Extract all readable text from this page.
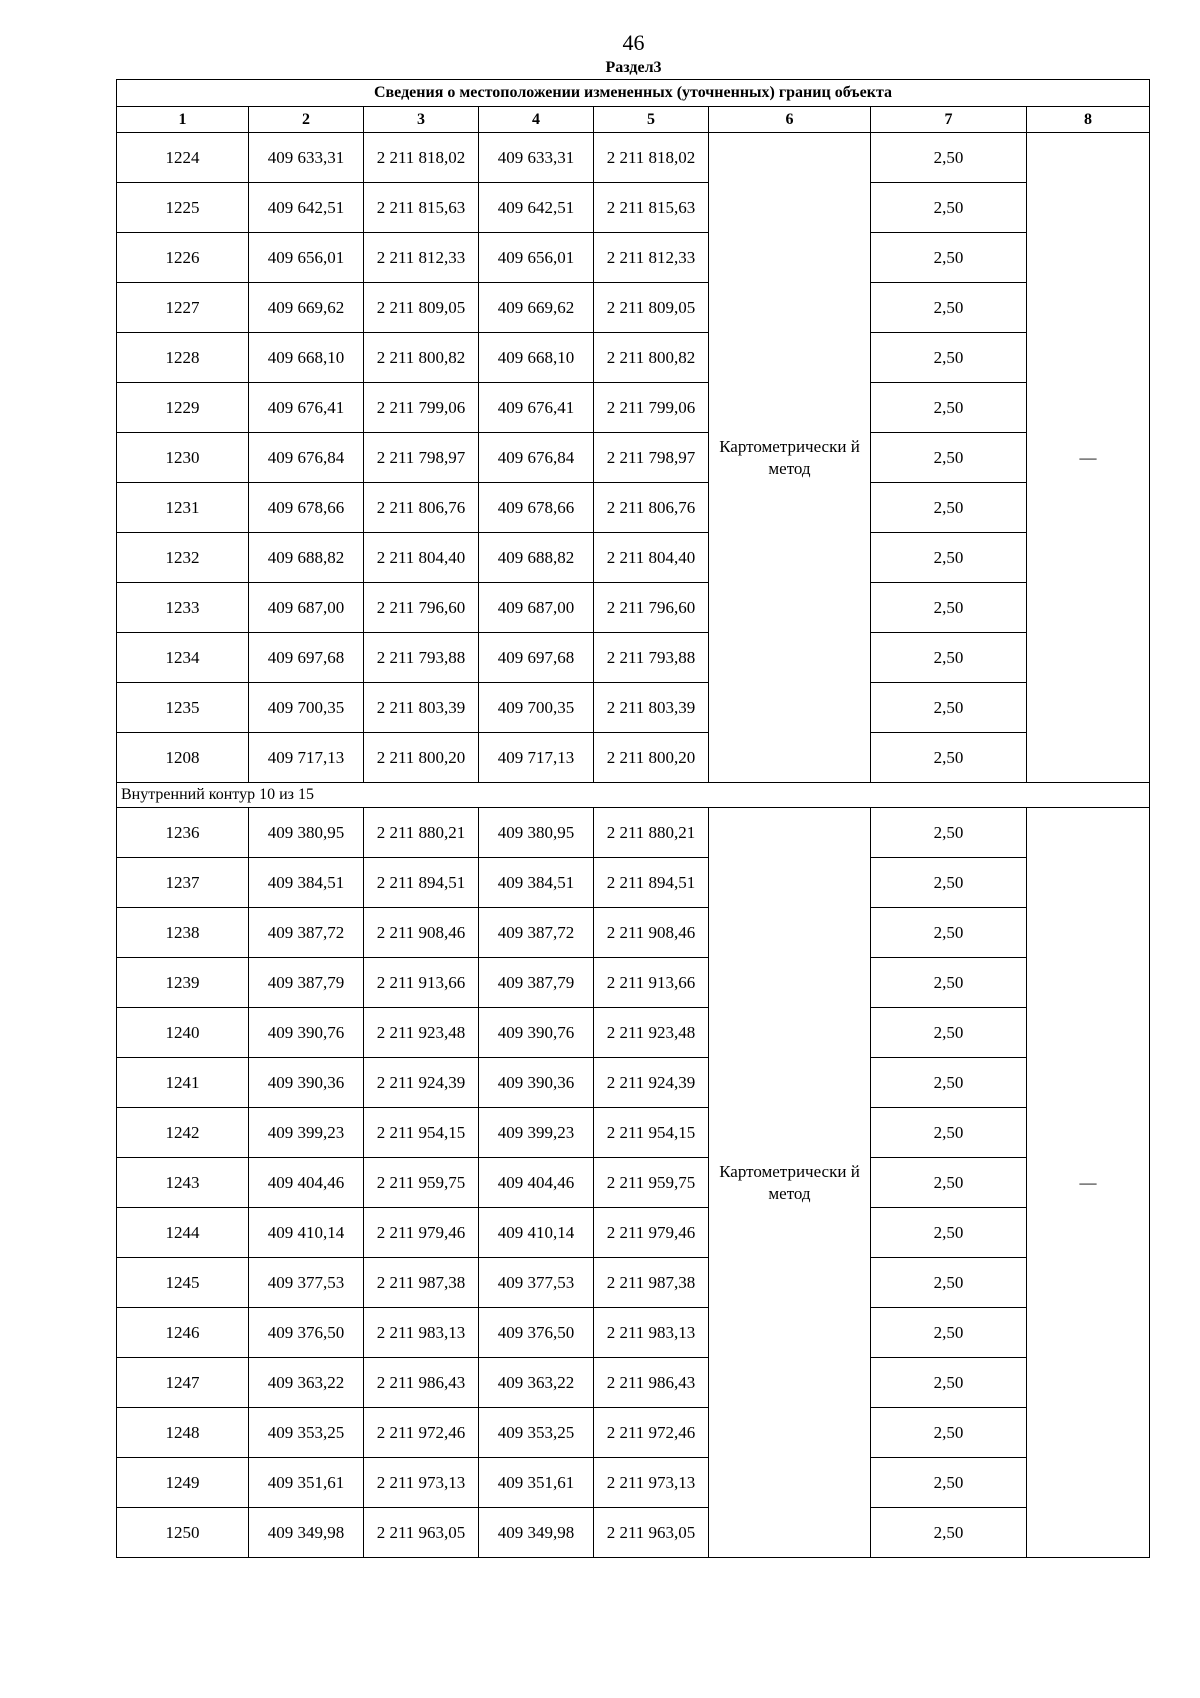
46
Раздел3
Сведения о местоположении измененных (уточненных) границ объекта							
1	2	3	4	5	6	7	8
1224	409 633,31	2 211 818,02	409 633,31	2 211 818,02	Картометрически й метод	2,50	—
1225	409 642,51	2 211 815,63	409 642,51	2 211 815,63		2,50	
1226	409 656,01	2 211 812,33	409 656,01	2 211 812,33		2,50	
1227	409 669,62	2 211 809,05	409 669,62	2 211 809,05		2,50	
1228	409 668,10	2 211 800,82	409 668,10	2 211 800,82		2,50	
1229	409 676,41	2 211 799,06	409 676,41	2 211 799,06		2,50	
1230	409 676,84	2 211 798,97	409 676,84	2 211 798,97		2,50	
1231	409 678,66	2 211 806,76	409 678,66	2 211 806,76		2,50	
1232	409 688,82	2 211 804,40	409 688,82	2 211 804,40		2,50	
1233	409 687,00	2 211 796,60	409 687,00	2 211 796,60		2,50	
1234	409 697,68	2 211 793,88	409 697,68	2 211 793,88		2,50	
1235	409 700,35	2 211 803,39	409 700,35	2 211 803,39		2,50	
1208	409 717,13	2 211 800,20	409 717,13	2 211 800,20		2,50	
Внутренний контур 10 из 15							
1236	409 380,95	2 211 880,21	409 380,95	2 211 880,21	Картометрически й метод	2,50	—
1237	409 384,51	2 211 894,51	409 384,51	2 211 894,51		2,50	
1238	409 387,72	2 211 908,46	409 387,72	2 211 908,46		2,50	
1239	409 387,79	2 211 913,66	409 387,79	2 211 913,66		2,50	
1240	409 390,76	2 211 923,48	409 390,76	2 211 923,48		2,50	
1241	409 390,36	2 211 924,39	409 390,36	2 211 924,39		2,50	
1242	409 399,23	2 211 954,15	409 399,23	2 211 954,15		2,50	
1243	409 404,46	2 211 959,75	409 404,46	2 211 959,75		2,50	
1244	409 410,14	2 211 979,46	409 410,14	2 211 979,46		2,50	
1245	409 377,53	2 211 987,38	409 377,53	2 211 987,38		2,50	
1246	409 376,50	2 211 983,13	409 376,50	2 211 983,13		2,50	
1247	409 363,22	2 211 986,43	409 363,22	2 211 986,43		2,50	
1248	409 353,25	2 211 972,46	409 353,25	2 211 972,46		2,50	
1249	409 351,61	2 211 973,13	409 351,61	2 211 973,13		2,50	
1250	409 349,98	2 211 963,05	409 349,98	2 211 963,05		2,50	
